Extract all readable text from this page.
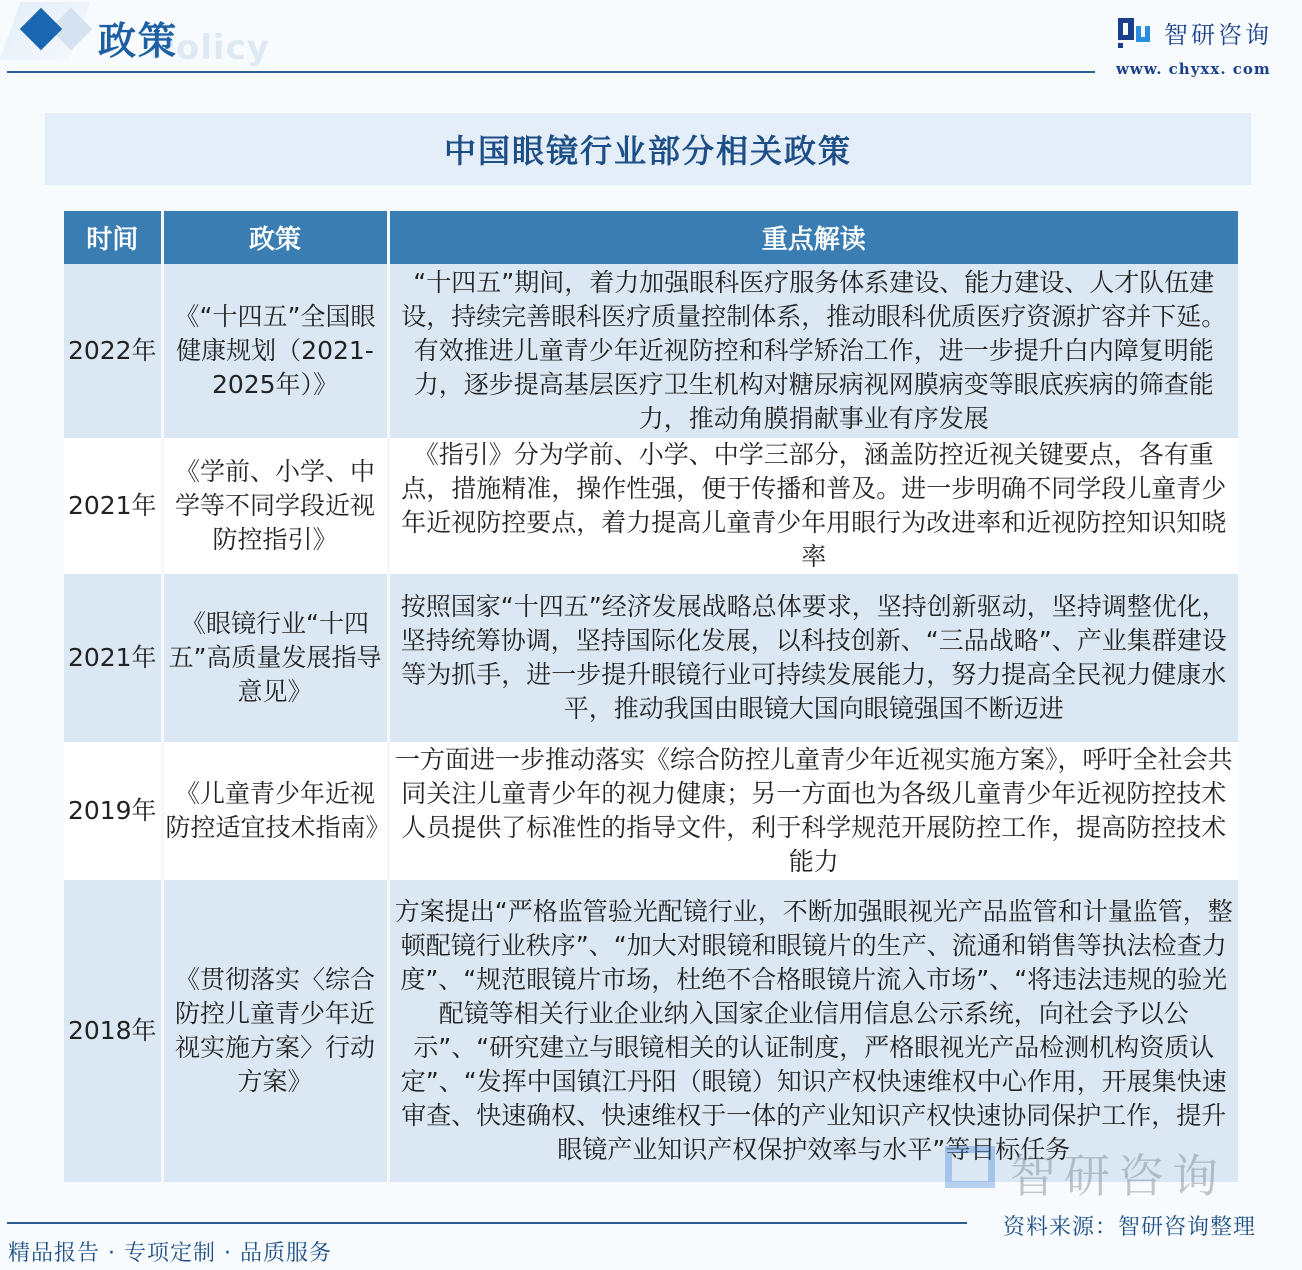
Policy
政策	智研咨询
www. chyxx. com
中国眼镜行业部分相关政策
时间	政策	重点解读
2022年	《“十四五”全国眼健康规划（2021-2025年）》	“十四五”期间，着力加强眼科医疗服务体系建设、能力建设、人才队伍建设，持续完善眼科医疗质量控制体系，推动眼科优质医疗资源扩容并下延。有效推进儿童青少年近视防控和科学矫治工作，进一步提升白内障复明能力，逐步提高基层医疗卫生机构对糖尿病视网膜病变等眼底疾病的筛查能力，推动角膜捐献事业有序发展
2021年	《学前、小学、中学等不同学段近视防控指引》	《指引》分为学前、小学、中学三部分，涵盖防控近视关键要点，各有重点，措施精准，操作性强，便于传播和普及。进一步明确不同学段儿童青少年近视防控要点，着力提高儿童青少年用眼行为改进率和近视防控知识知晓率
2021年	《眼镜行业“十四五”高质量发展指导意见》	按照国家“十四五”经济发展战略总体要求，坚持创新驱动，坚持调整优化，坚持统筹协调，坚持国际化发展，以科技创新、“三品战略”、产业集群建设等为抓手，进一步提升眼镜行业可持续发展能力，努力提高全民视力健康水平，推动我国由眼镜大国向眼镜强国不断迈进
2019年	《儿童青少年近视防控适宜技术指南》	一方面进一步推动落实《综合防控儿童青少年近视实施方案》，呼吁全社会共同关注儿童青少年的视力健康；另一方面也为各级儿童青少年近视防控技术人员提供了标准性的指导文件，利于科学规范开展防控工作，提高防控技术能力
2018年	《贯彻落实〈综合防控儿童青少年近视实施方案〉行动方案》	方案提出“严格监管验光配镜行业，不断加强眼视光产品监管和计量监管，整顿配镜行业秩序”、“加大对眼镜和眼镜片的生产、流通和销售等执法检查力度”、“规范眼镜片市场，杜绝不合格眼镜片流入市场”、“将违法违规的验光配镜等相关行业企业纳入国家企业信用信息公示系统，向社会予以公示”、“研究建立与眼镜相关的认证制度，严格眼视光产品检测机构资质认定”、“发挥中国镇江丹阳（眼镜）知识产权快速维权中心作用，开展集快速审查、快速确权、快速维权于一体的产业知识产权快速协同保护工作，提升眼镜产业知识产权保护效率与水平”等目标任务
智研咨询
精品报告 · 专项定制 · 品质服务
资料来源：智研咨询整理
